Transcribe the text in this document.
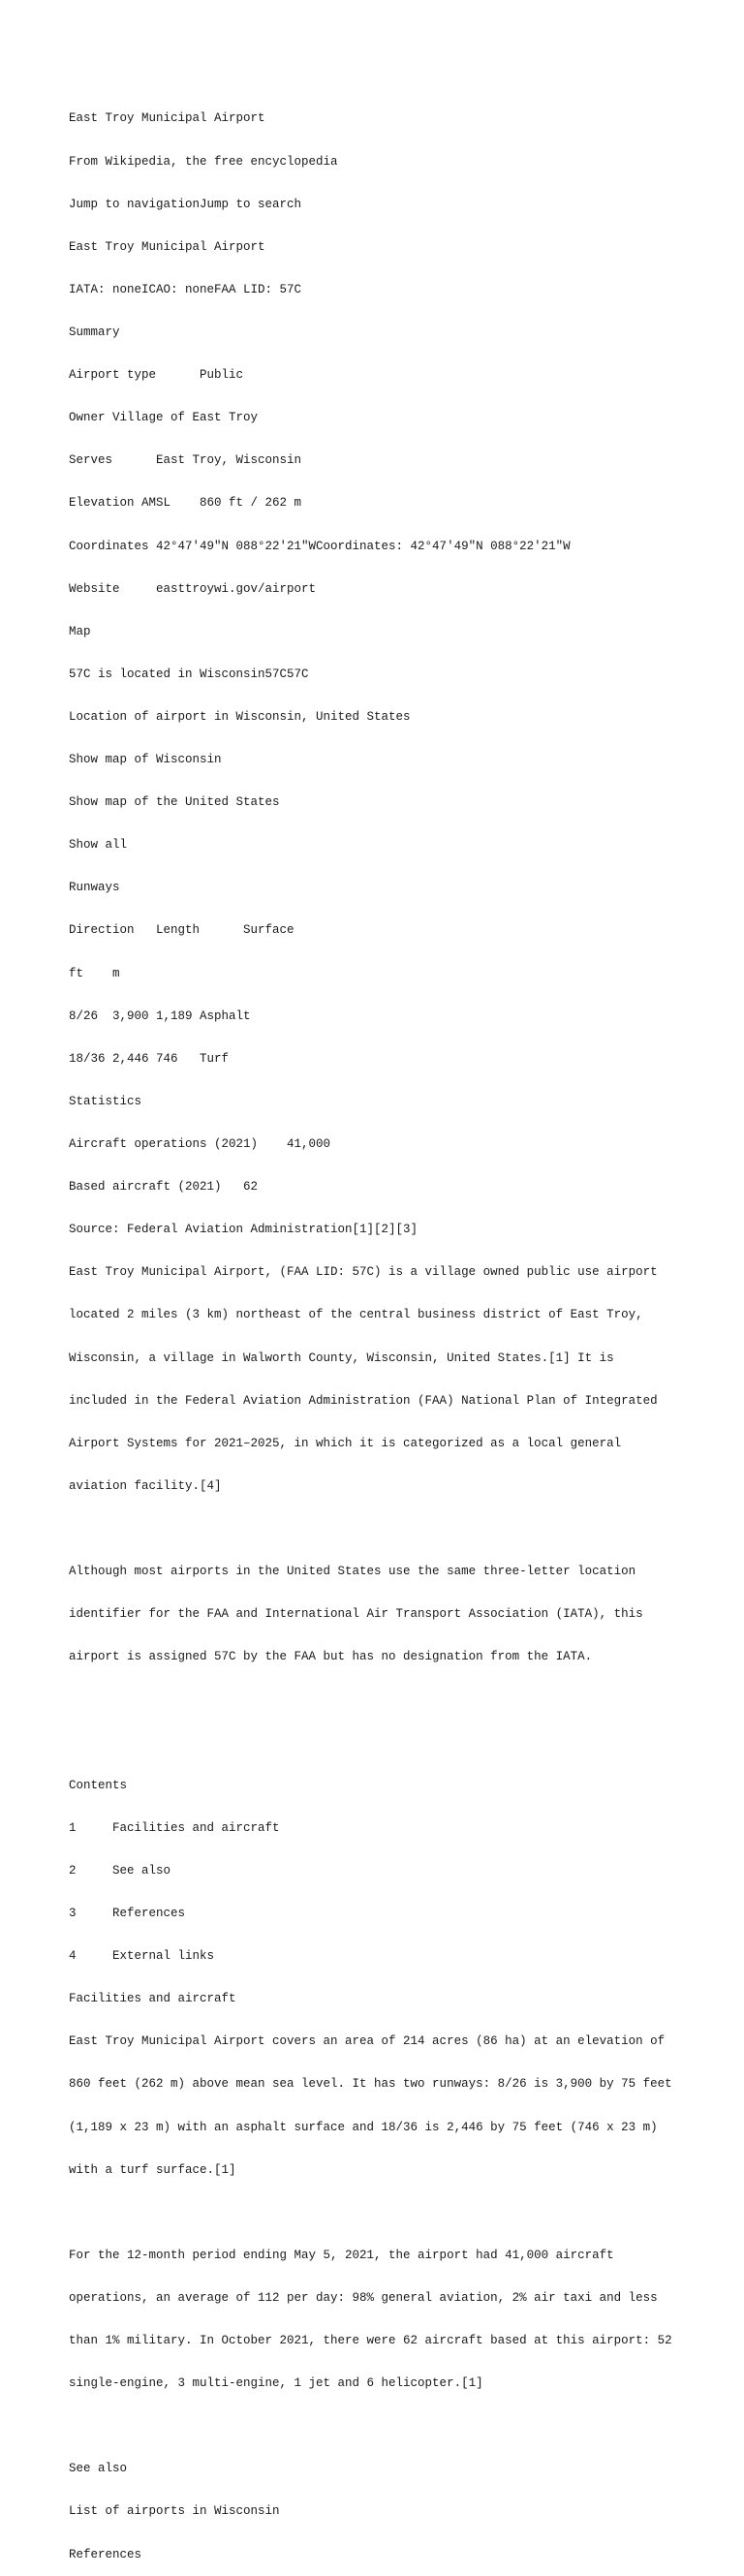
East Troy Municipal Airport

From Wikipedia, the free encyclopedia

Jump to navigationJump to search

East Troy Municipal Airport

IATA: noneICAO: noneFAA LID: 57C

Summary

Airport type      Public

Owner Village of East Troy

Serves      East Troy, Wisconsin

Elevation AMSL    860 ft / 262 m

Coordinates 42°47′49″N 088°22′21″WCoordinates: 42°47′49″N 088°22′21″W

Website     easttroywi.gov/airport

Map

57C is located in Wisconsin57C57C

Location of airport in Wisconsin, United States

Show map of Wisconsin

Show map of the United States

Show all

Runways

Direction   Length      Surface

ft    m

8/26  3,900 1,189 Asphalt

18/36 2,446 746   Turf

Statistics

Aircraft operations (2021)    41,000

Based aircraft (2021)   62

Source: Federal Aviation Administration[1][2][3]

East Troy Municipal Airport, (FAA LID: 57C) is a village owned public use airport

located 2 miles (3 km) northeast of the central business district of East Troy,

Wisconsin, a village in Walworth County, Wisconsin, United States.[1] It is

included in the Federal Aviation Administration (FAA) National Plan of Integrated

Airport Systems for 2021–2025, in which it is categorized as a local general

aviation facility.[4]

Although most airports in the United States use the same three-letter location

identifier for the FAA and International Air Transport Association (IATA), this

airport is assigned 57C by the FAA but has no designation from the IATA.

Contents

1     Facilities and aircraft

2     See also

3     References

4     External links

Facilities and aircraft

East Troy Municipal Airport covers an area of 214 acres (86 ha) at an elevation of

860 feet (262 m) above mean sea level. It has two runways: 8/26 is 3,900 by 75 feet

(1,189 x 23 m) with an asphalt surface and 18/36 is 2,446 by 75 feet (746 x 23 m)

with a turf surface.[1]

For the 12-month period ending May 5, 2021, the airport had 41,000 aircraft

operations, an average of 112 per day: 98% general aviation, 2% air taxi and less

than 1% military. In October 2021, there were 62 aircraft based at this airport: 52

single-engine, 3 multi-engine, 1 jet and 6 helicopter.[1]

See also

List of airports in Wisconsin

References
